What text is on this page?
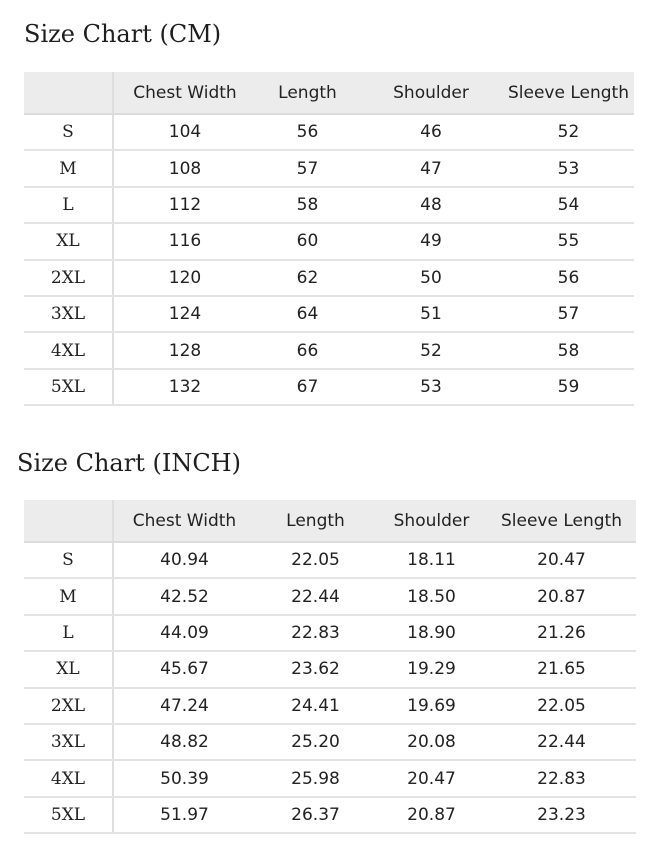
Size Chart (CM)
	Chest Width	Length	Shoulder	Sleeve Length
S	104	56	46	52
M	108	57	47	53
L	112	58	48	54
XL	116	60	49	55
2XL	120	62	50	56
3XL	124	64	51	57
4XL	128	66	52	58
5XL	132	67	53	59
Size Chart (INCH)
	Chest Width	Length	Shoulder	Sleeve Length
S	40.94	22.05	18.11	20.47
M	42.52	22.44	18.50	20.87
L	44.09	22.83	18.90	21.26
XL	45.67	23.62	19.29	21.65
2XL	47.24	24.41	19.69	22.05
3XL	48.82	25.20	20.08	22.44
4XL	50.39	25.98	20.47	22.83
5XL	51.97	26.37	20.87	23.23
